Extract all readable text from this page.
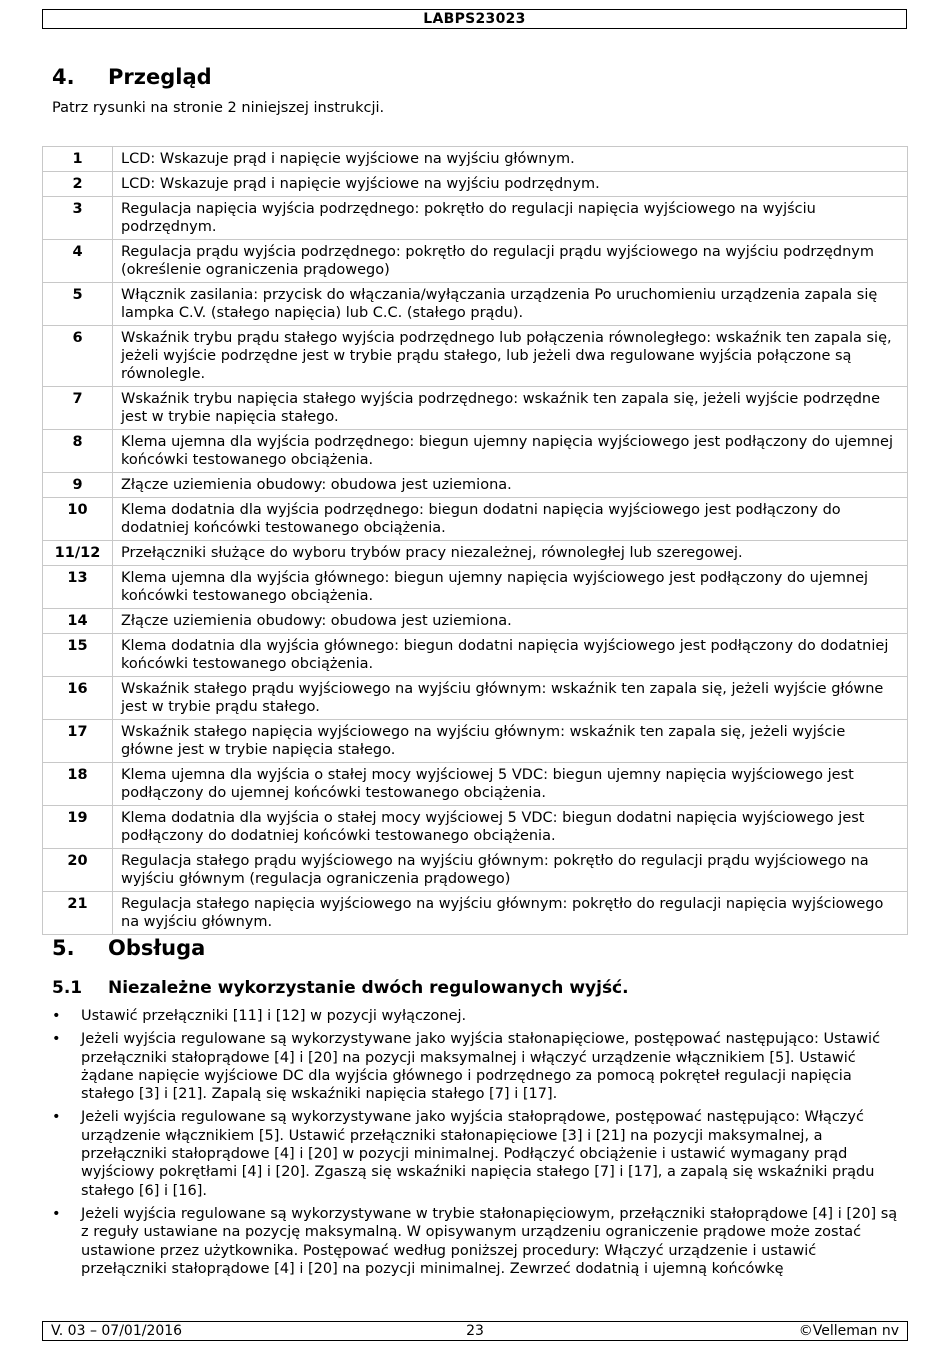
LABPS23023
4. Przegląd

Patrz rysunki na stronie 2 niniejszej instrukcji.

1	LCD: Wskazuje prąd i napięcie wyjściowe na wyjściu głównym.
2	LCD: Wskazuje prąd i napięcie wyjściowe na wyjściu podrzędnym.
3	Regulacja napięcia wyjścia podrzędnego: pokrętło do regulacji napięcia wyjściowego na wyjściu podrzędnym.
4	Regulacja prądu wyjścia podrzędnego: pokrętło do regulacji prądu wyjściowego na wyjściu podrzędnym (określenie ograniczenia prądowego)
5	Włącznik zasilania: przycisk do włączania/wyłączania urządzenia Po uruchomieniu urządzenia zapala się lampka C.V. (stałego napięcia) lub C.C. (stałego prądu).
6	Wskaźnik trybu prądu stałego wyjścia podrzędnego lub połączenia równoległego: wskaźnik ten zapala się, jeżeli wyjście podrzędne jest w trybie prądu stałego, lub jeżeli dwa regulowane wyjścia połączone są równolegle.
7	Wskaźnik trybu napięcia stałego wyjścia podrzędnego: wskaźnik ten zapala się, jeżeli wyjście podrzędne jest w trybie napięcia stałego.
8	Klema ujemna dla wyjścia podrzędnego: biegun ujemny napięcia wyjściowego jest podłączony do ujemnej końcówki testowanego obciążenia.
9	Złącze uziemienia obudowy: obudowa jest uziemiona.
10	Klema dodatnia dla wyjścia podrzędnego: biegun dodatni napięcia wyjściowego jest podłączony do dodatniej końcówki testowanego obciążenia.
11/12	Przełączniki służące do wyboru trybów pracy niezależnej, równoległej lub szeregowej.
13	Klema ujemna dla wyjścia głównego: biegun ujemny napięcia wyjściowego jest podłączony do ujemnej końcówki testowanego obciążenia.
14	Złącze uziemienia obudowy: obudowa jest uziemiona.
15	Klema dodatnia dla wyjścia głównego: biegun dodatni napięcia wyjściowego jest podłączony do dodatniej końcówki testowanego obciążenia.
16	Wskaźnik stałego prądu wyjściowego na wyjściu głównym: wskaźnik ten zapala się, jeżeli wyjście główne jest w trybie prądu stałego.
17	Wskaźnik stałego napięcia wyjściowego na wyjściu głównym: wskaźnik ten zapala się, jeżeli wyjście główne jest w trybie napięcia stałego.
18	Klema ujemna dla wyjścia o stałej mocy wyjściowej 5 VDC: biegun ujemny napięcia wyjściowego jest podłączony do ujemnej końcówki testowanego obciążenia.
19	Klema dodatnia dla wyjścia o stałej mocy wyjściowej 5 VDC: biegun dodatni napięcia wyjściowego jest podłączony do dodatniej końcówki testowanego obciążenia.
20	Regulacja stałego prądu wyjściowego na wyjściu głównym: pokrętło do regulacji prądu wyjściowego na wyjściu głównym (regulacja ograniczenia prądowego)
21	Regulacja stałego napięcia wyjściowego na wyjściu głównym: pokrętło do regulacji napięcia wyjściowego na wyjściu głównym.
5. Obsługa
5.1 Niezależne wykorzystanie dwóch regulowanych wyjść.
• Ustawić przełączniki [11] i [12] w pozycji wyłączonej.
• Jeżeli wyjścia regulowane są wykorzystywane jako wyjścia stałonapięciowe, postępować następująco: Ustawić przełączniki stałoprądowe [4] i [20] na pozycji maksymalnej i włączyć urządzenie włącznikiem [5]. Ustawić żądane napięcie wyjściowe DC dla wyjścia głównego i podrzędnego za pomocą pokręteł regulacji napięcia stałego [3] i [21]. Zapalą się wskaźniki napięcia stałego [7] i [17].
• Jeżeli wyjścia regulowane są wykorzystywane jako wyjścia stałoprądowe, postępować następująco: Włączyć urządzenie włącznikiem [5]. Ustawić przełączniki stałonapięciowe [3] i [21] na pozycji maksymalnej, a przełączniki stałoprądowe [4] i [20] w pozycji minimalnej. Podłączyć obciążenie i ustawić wymagany prąd wyjściowy pokrętłami [4] i [20]. Zgaszą się wskaźniki napięcia stałego [7] i [17], a zapalą się wskaźniki prądu stałego [6] i [16].
• Jeżeli wyjścia regulowane są wykorzystywane w trybie stałonapięciowym, przełączniki stałoprądowe [4] i [20] są z reguły ustawiane na pozycję maksymalną. W opisywanym urządzeniu ograniczenie prądowe może zostać ustawione przez użytkownika. Postępować według poniższej procedury: Włączyć urządzenie i ustawić przełączniki stałoprądowe [4] i [20] na pozycji minimalnej. Zewrzeć dodatnią i ujemną końcówkę
V. 03 – 07/01/2016	23	©Velleman nv
